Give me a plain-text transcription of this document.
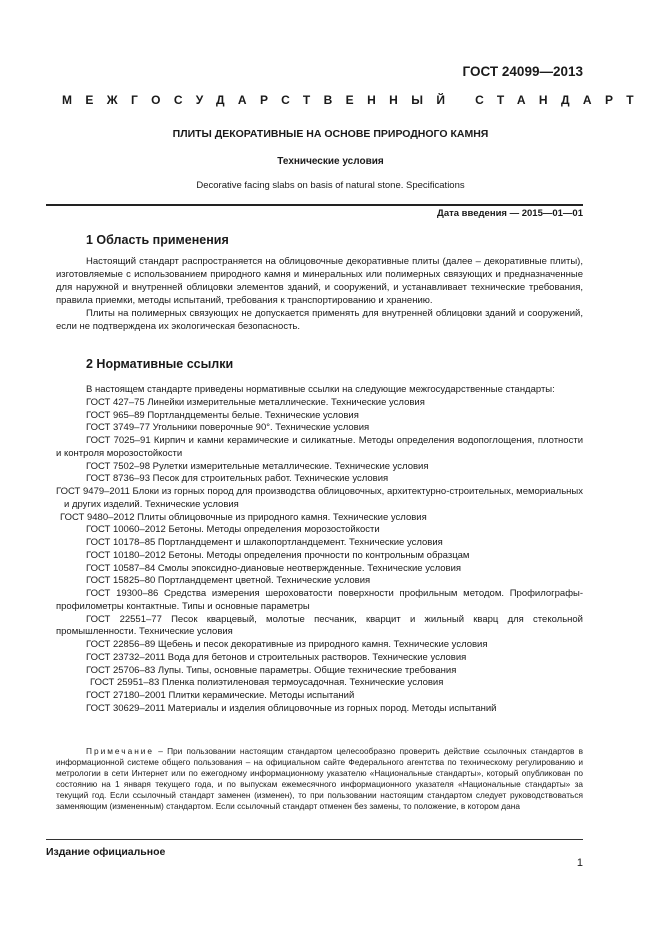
ГОСТ 24099—2013
МЕЖГОСУДАРСТВЕННЫЙ СТАНДАРТ
ПЛИТЫ ДЕКОРАТИВНЫЕ НА ОСНОВЕ ПРИРОДНОГО КАМНЯ
Технические условия
Decorative facing slabs on basis of natural stone. Specifications
Дата введения — 2015—01—01
1 Область применения

Настоящий стандарт распространяется на облицовочные декоративные плиты (далее – декоративные плиты), изготовляемые с использованием природного камня и минеральных или полимерных связующих и предназначенные для наружной и внутренней облицовки элементов зданий, и сооружений, и устанавливает технические требования, правила приемки, методы испытаний, требования к транспортированию и хранению.

Плиты на полимерных связующих не допускается применять для внутренней облицовки зданий и сооружений, если не подтверждена их экологическая безопасность.

2 Нормативные ссылки

В настоящем стандарте приведены нормативные ссылки на следующие межгосударственные стандарты:

ГОСТ 427–75 Линейки измерительные металлические. Технические условия

ГОСТ 965–89 Портландцементы белые. Технические условия

ГОСТ 3749–77 Угольники поверочные 90°. Технические условия

ГОСТ 7025–91 Кирпич и камни керамические и силикатные. Методы определения водопоглощения, плотности и контроля морозостойкости

ГОСТ 7502–98 Рулетки измерительные металлические. Технические условия

ГОСТ 8736–93 Песок для строительных работ. Технические условия

ГОСТ 9479–2011 Блоки из горных пород для производства облицовочных, архитектурно-строительных, мемориальных и других изделий. Технические условия

ГОСТ 9480–2012 Плиты облицовочные из природного камня. Технические условия

ГОСТ 10060–2012 Бетоны. Методы определения морозостойкости

ГОСТ 10178–85 Портландцемент и шлакопортландцемент. Технические условия

ГОСТ 10180–2012 Бетоны. Методы определения прочности по контрольным образцам

ГОСТ 10587–84 Смолы эпоксидно-диановые неотвержденные. Технические условия

ГОСТ 15825–80 Портландцемент цветной. Технические условия

ГОСТ 19300–86 Средства измерения шероховатости поверхности профильным методом. Профилографы-профилометры контактные. Типы и основные параметры

ГОСТ 22551–77 Песок кварцевый, молотые песчаник, кварцит и жильный кварц для стекольной промышленности. Технические условия

ГОСТ 22856–89 Щебень и песок декоративные из природного камня. Технические условия

ГОСТ 23732–2011 Вода для бетонов и строительных растворов. Технические условия

ГОСТ 25706–83 Лупы. Типы, основные параметры. Общие технические требования

ГОСТ 25951–83 Пленка полиэтиленовая термоусадочная. Технические условия

ГОСТ 27180–2001 Плитки керамические. Методы испытаний

ГОСТ 30629–2011 Материалы и изделия облицовочные из горных пород. Методы испытаний

Примечание – При пользовании настоящим стандартом целесообразно проверить действие ссылочных стандартов в информационной системе общего пользования – на официальном сайте Федерального агентства по техническому регулированию и метрологии в сети Интернет или по ежегодному информационному указателю «Национальные стандарты», который опубликован по состоянию на 1 января текущего года, и по выпускам ежемесячного информационного указателя «Национальные стандарты» за текущий год. Если ссылочный стандарт заменен (изменен), то при пользовании настоящим стандартом следует руководствоваться заменяющим (измененным) стандартом. Если ссылочный стандарт отменен без замены, то положение, в котором дана

Издание официальное
1
